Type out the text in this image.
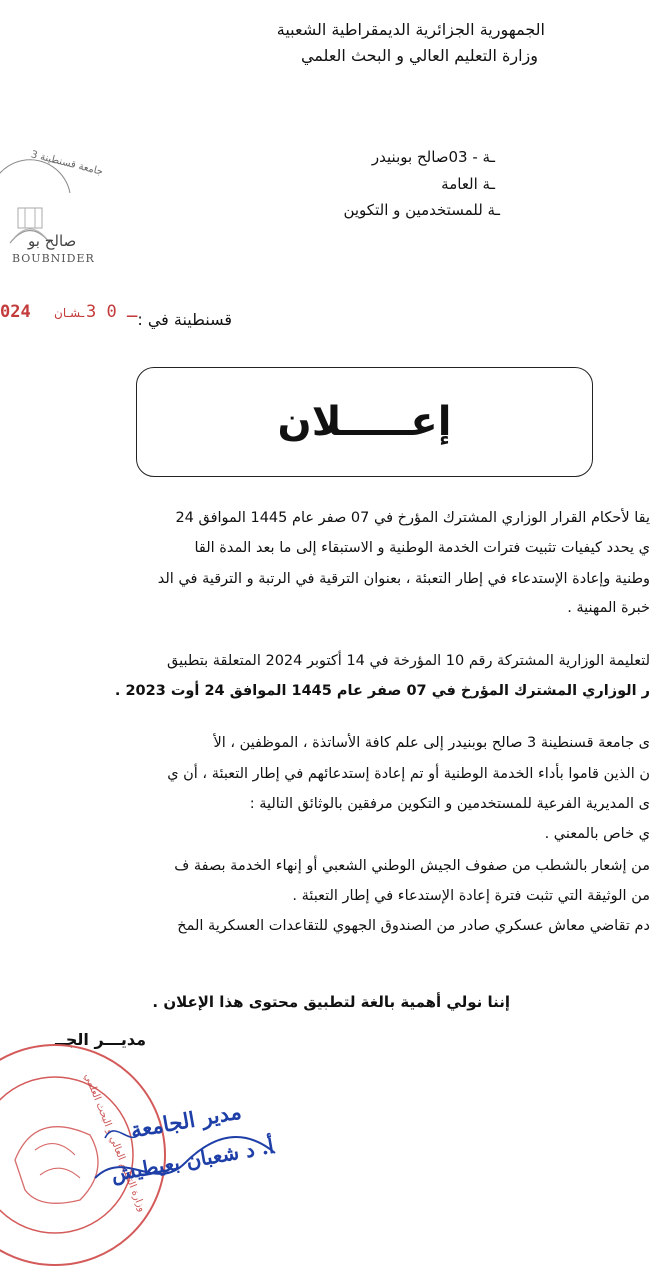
الجمهورية الجزائرية الديمقراطية الشعبية
وزارة التعليم العالي و البحث العلمي
ـة - 03صالح بوبنيدر
ـة العامة
ـة للمستخدمين و التكوين
جامعة قسنطينة 3
صالح بو
BOUBNIDER
قسنطينة في :
024 ـشـان ـ 0 3
إعـــــلان
يقا لأحكام القرار الوزاري المشترك المؤرخ في 07 صفر عام 1445 الموافق 24
ي يحدد كيفيات تثبيت فترات الخدمة الوطنية و الاستبقاء إلى ما بعد المدة القا
وطنية وإعادة الإستدعاء في إطار التعبئة ، بعنوان الترقية في الرتبة و الترقية في الد
خبرة المهنية .
لتعليمة الوزارية المشتركة رقم 10 المؤرخة في 14 أكتوبر 2024 المتعلقة بتطبيق
ر الوزاري المشترك المؤرخ في 07 صفر عام 1445 الموافق 24 أوت 2023 .
ى جامعة قسنطينة 3 صالح بوبنيدر إلى علم كافة الأساتذة ، الموظفين ، الأ
ن الذين قاموا بأداء الخدمة الوطنية أو تم إعادة إستدعائهم في إطار التعبئة ، أن ي
ى المديرية الفرعية للمستخدمين و التكوين مرفقين بالوثائق التالية :
ي خاص بالمعني .
من إشعار بالشطب من صفوف الجيش الوطني الشعبي أو إنهاء الخدمة بصفة ف
من الوثيقة التي تثبت فترة إعادة الإستدعاء في إطار التعبئة .
دم تقاضي معاش عسكري صادر من الصندوق الجهوي للتقاعدات العسكرية المخ
إننا نولي أهمية بالغة لتطبيق محتوى هذا الإعلان .
مديـــر الجــ
وزارة التعليم العالي و البحث العلمي
مدير الجامعة
أ. د شعبان بعيطيش
